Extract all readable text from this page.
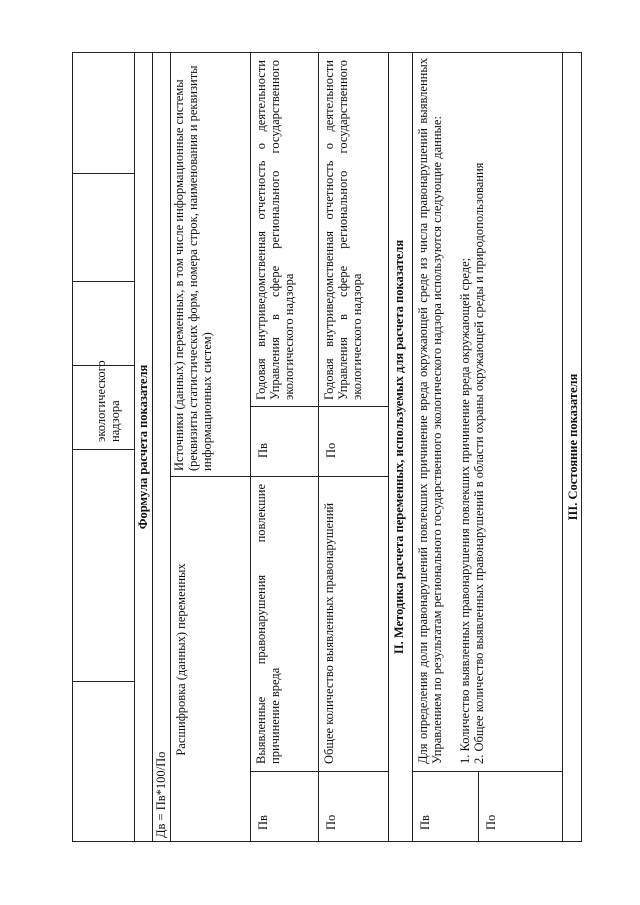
экологического надзора Формула расчета показателя
Дв = Пв*100/По
Расшифровка (данных) переменных
Источники (данных) переменных, в том числе информационные системы (реквизиты статистических форм, номера строк, наименования и реквизиты информационных систем)
Пв
Выявленные правонарушения повлекшие причинение вреда
Пв
Годовая внутриведомственная отчетность о деятельности Управления в сфере регионального государственного экологического надзора
По
Общее количество выявленных правонарушений
По
Годовая внутриведомственная отчетность о деятельности Управления в сфере регионального государственного экологического надзора II. Методика расчета переменных, используемых для расчета показателя
Пв	По
Для определения доли правонарушений повлекших причинение вреда окружающей среде из числа правонарушений выявленных Управлением по результатам регионального государственного экологического надзора используются следующие данные: 1. Количество выявленных правонарушения повлекших причинение вреда окружающей среде; 2. Общее количество выявленных правонарушений в области охраны окружающей среды и природопользования	III. Состояние показателя
